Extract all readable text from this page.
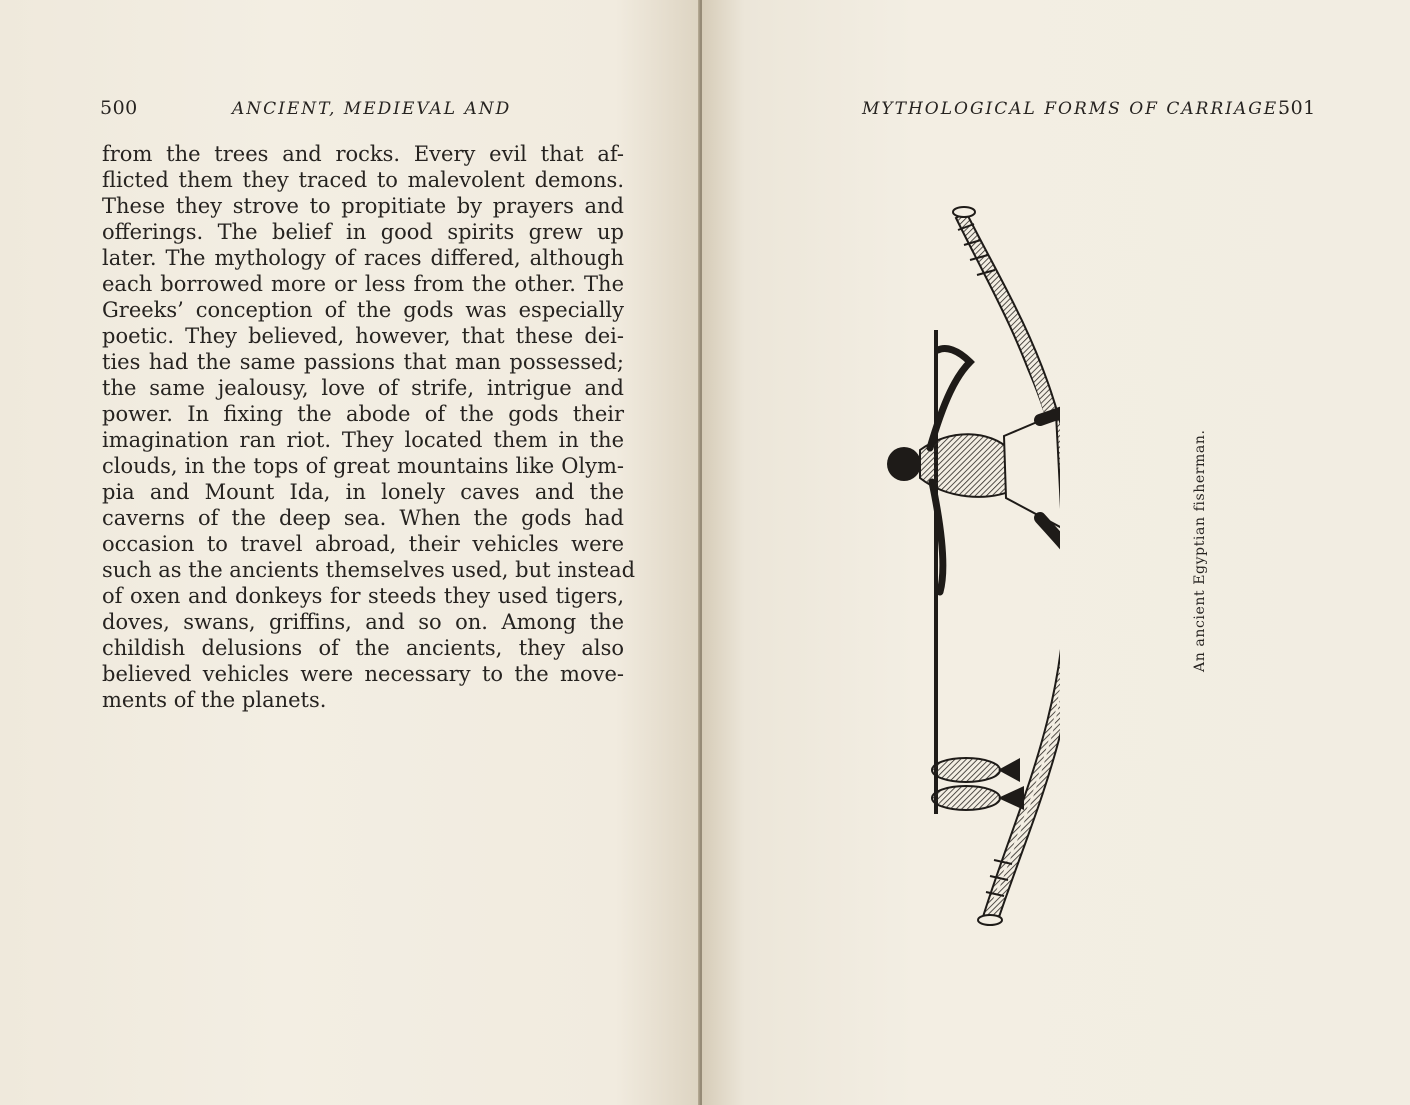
500	ANCIENT, MEDIEVAL AND
from the trees and rocks. Every evil that af-
flicted them they traced to malevolent demons.
These they strove to propitiate by prayers and
offerings. The belief in good spirits grew up
later. The mythology of races differed, although
each borrowed more or less from the other. The
Greeks’ conception of the gods was especially
poetic. They believed, however, that these dei-
ties had the same passions that man possessed;
the same jealousy, love of strife, intrigue and
power. In fixing the abode of the gods their
imagination ran riot. They located them in the
clouds, in the tops of great mountains like Olym-
pia and Mount Ida, in lonely caves and the
caverns of the deep sea. When the gods had
occasion to travel abroad, their vehicles were
such as the ancients themselves used, but instead
of oxen and donkeys for steeds they used tigers,
doves, swans, griffins, and so on. Among the
childish delusions of the ancients, they also
believed vehicles were necessary to the move-
ments of the planets.
MYTHOLOGICAL FORMS OF CARRIAGE.
501
An ancient Egyptian fisherman.
